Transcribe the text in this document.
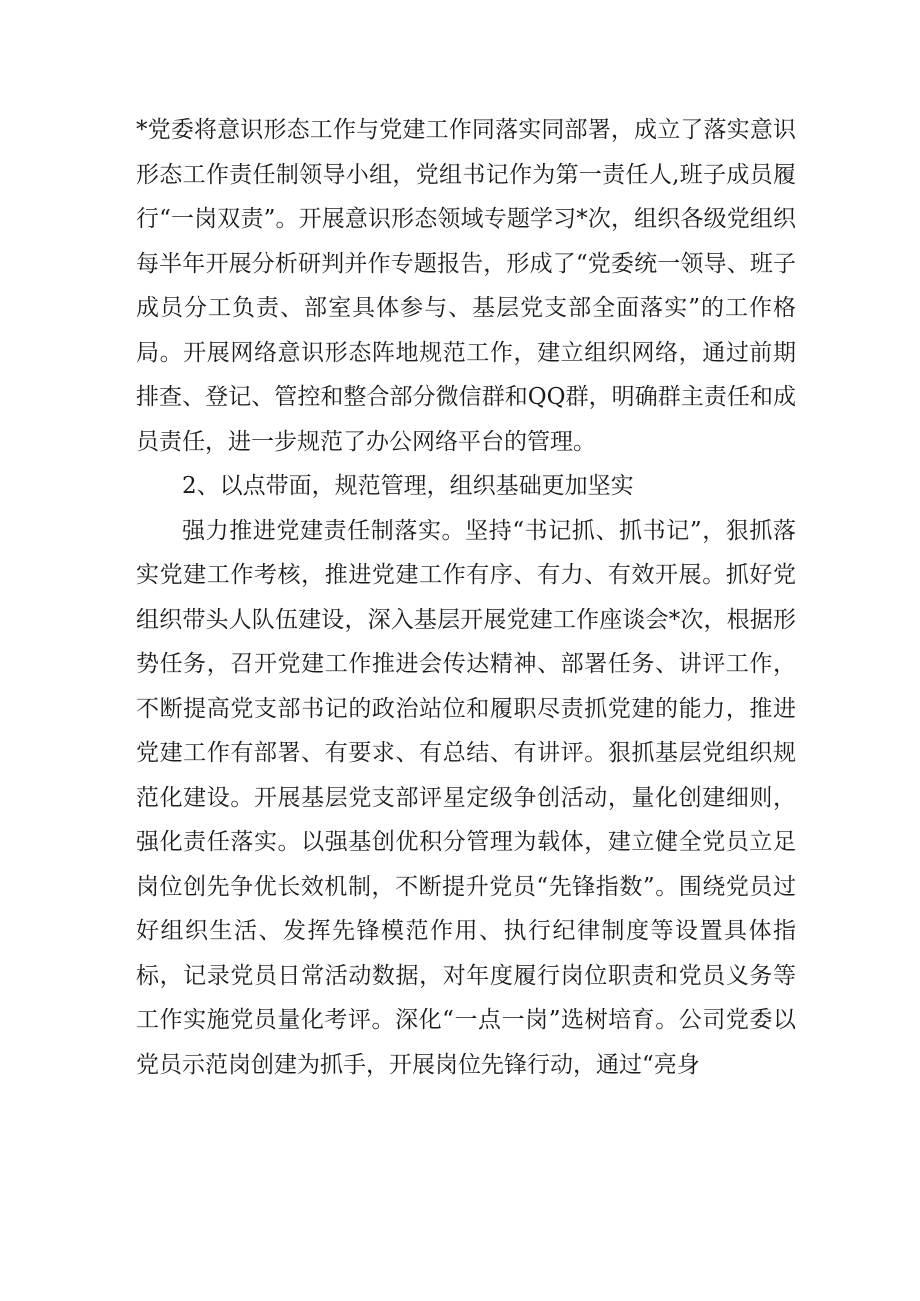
*党委将意识形态工作与党建工作同落实同部署，成立了落实意识形态工作责任制领导小组，党组书记作为第一责任人,班子成员履行“一岗双责”。开展意识形态领域专题学习*次，组织各级党组织每半年开展分析研判并作专题报告，形成了“党委统一领导、班子成员分工负责、部室具体参与、基层党支部全面落实”的工作格局。开展网络意识形态阵地规范工作，建立组织网络，通过前期排查、登记、管控和整合部分微信群和QQ群，明确群主责任和成员责任，进一步规范了办公网络平台的管理。

2、以点带面，规范管理，组织基础更加坚实

强力推进党建责任制落实。坚持“书记抓、抓书记”，狠抓落实党建工作考核，推进党建工作有序、有力、有效开展。抓好党组织带头人队伍建设，深入基层开展党建工作座谈会*次，根据形势任务，召开党建工作推进会传达精神、部署任务、讲评工作，不断提高党支部书记的政治站位和履职尽责抓党建的能力，推进党建工作有部署、有要求、有总结、有讲评。狠抓基层党组织规范化建设。开展基层党支部评星定级争创活动，量化创建细则，强化责任落实。以强基创优积分管理为载体，建立健全党员立足岗位创先争优长效机制，不断提升党员“先锋指数”。围绕党员过好组织生活、发挥先锋模范作用、执行纪律制度等设置具体指标，记录党员日常活动数据，对年度履行岗位职责和党员义务等工作实施党员量化考评。深化“一点一岗”选树培育。公司党委以党员示范岗创建为抓手，开展岗位先锋行动，通过“亮身
